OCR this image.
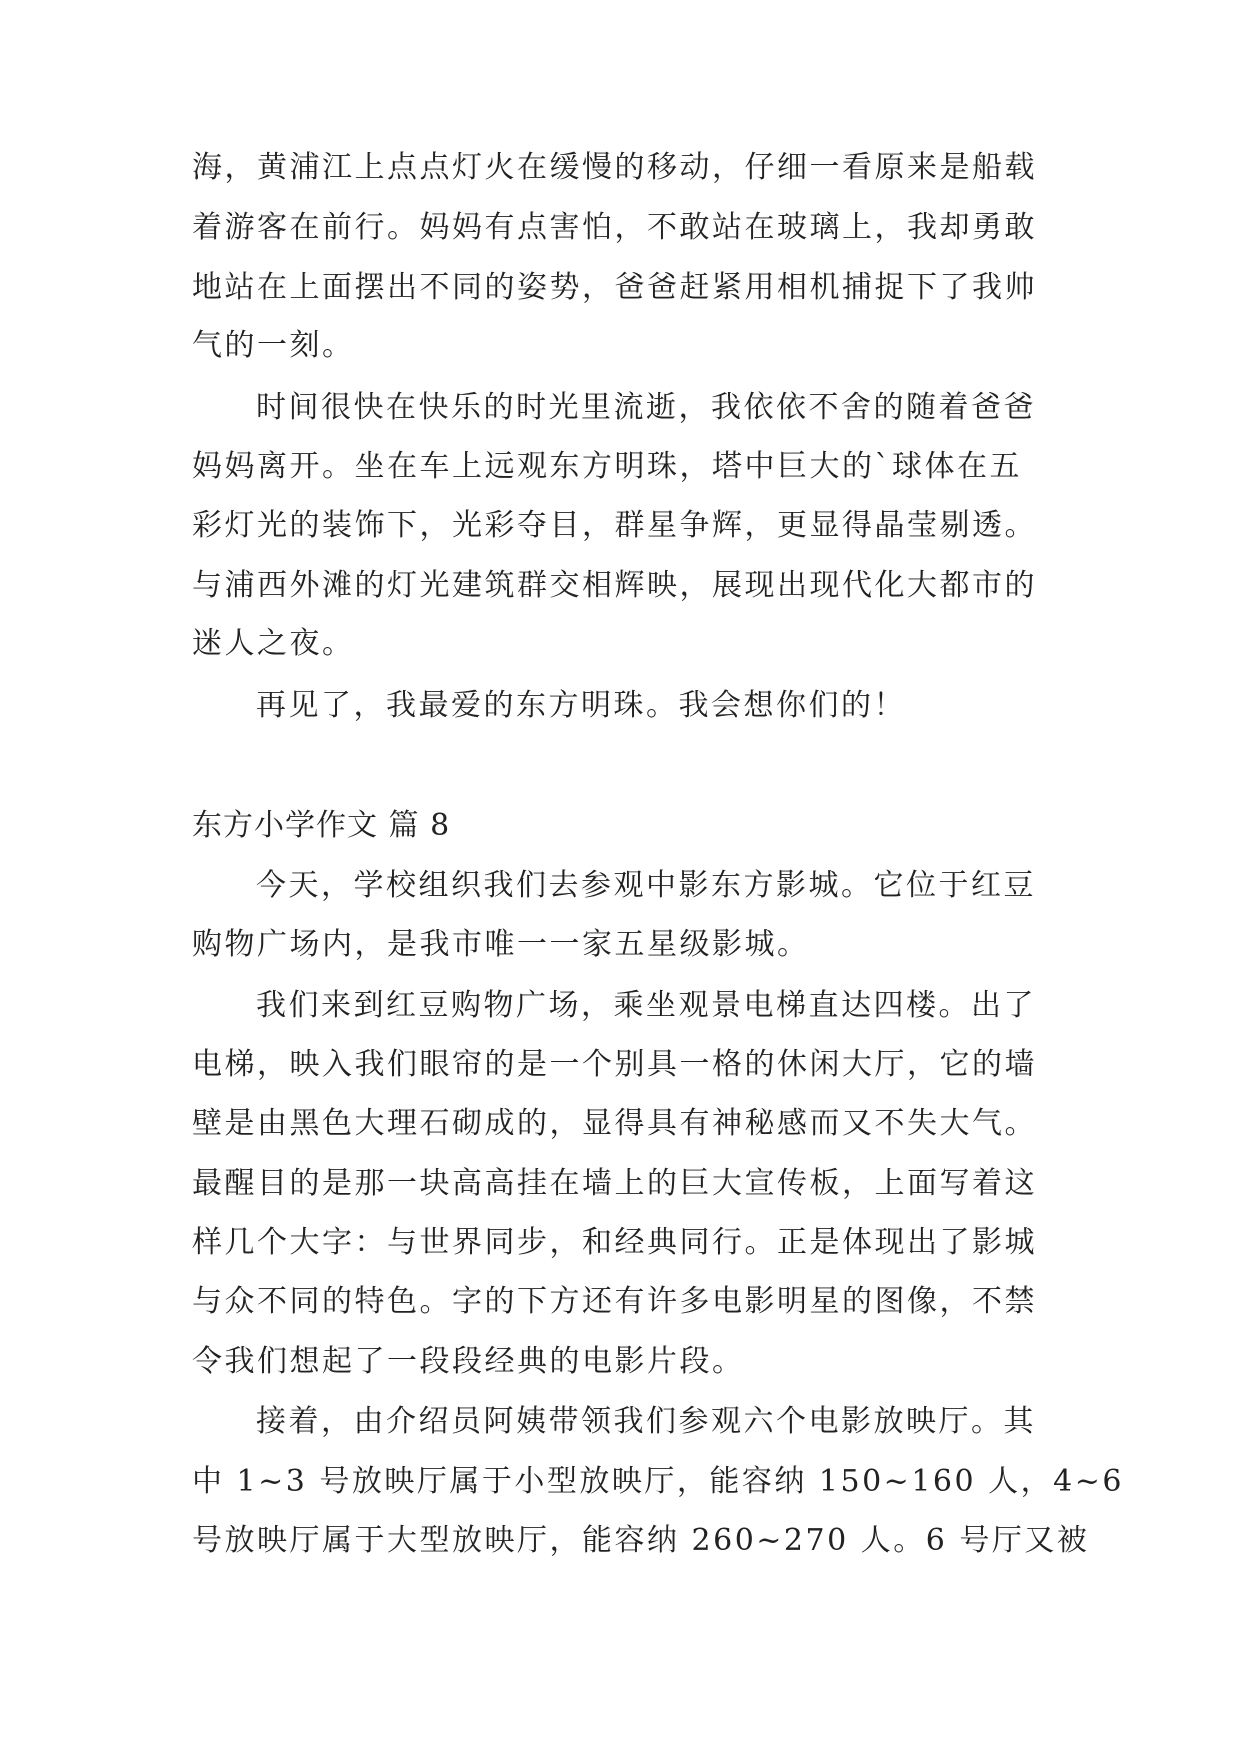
海，黄浦江上点点灯火在缓慢的移动，仔细一看原来是船载
着游客在前行。妈妈有点害怕，不敢站在玻璃上，我却勇敢
地站在上面摆出不同的姿势，爸爸赶紧用相机捕捉下了我帅
气的一刻。
时间很快在快乐的时光里流逝，我依依不舍的随着爸爸
妈妈离开。坐在车上远观东方明珠，塔中巨大的`球体在五
彩灯光的装饰下，光彩夺目，群星争辉，更显得晶莹剔透。
与浦西外滩的灯光建筑群交相辉映，展现出现代化大都市的
迷人之夜。
再见了，我最爱的东方明珠。我会想你们的！
东方小学作文 篇 8
今天，学校组织我们去参观中影东方影城。它位于红豆
购物广场内，是我市唯一一家五星级影城。
我们来到红豆购物广场，乘坐观景电梯直达四楼。出了
电梯，映入我们眼帘的是一个别具一格的休闲大厅，它的墙
壁是由黑色大理石砌成的，显得具有神秘感而又不失大气。
最醒目的是那一块高高挂在墙上的巨大宣传板，上面写着这
样几个大字：与世界同步，和经典同行。正是体现出了影城
与众不同的特色。字的下方还有许多电影明星的图像，不禁
令我们想起了一段段经典的电影片段。
接着，由介绍员阿姨带领我们参观六个电影放映厅。其
中 1~3 号放映厅属于小型放映厅，能容纳 150~160 人，4~6
号放映厅属于大型放映厅，能容纳 260~270 人。6 号厅又被
